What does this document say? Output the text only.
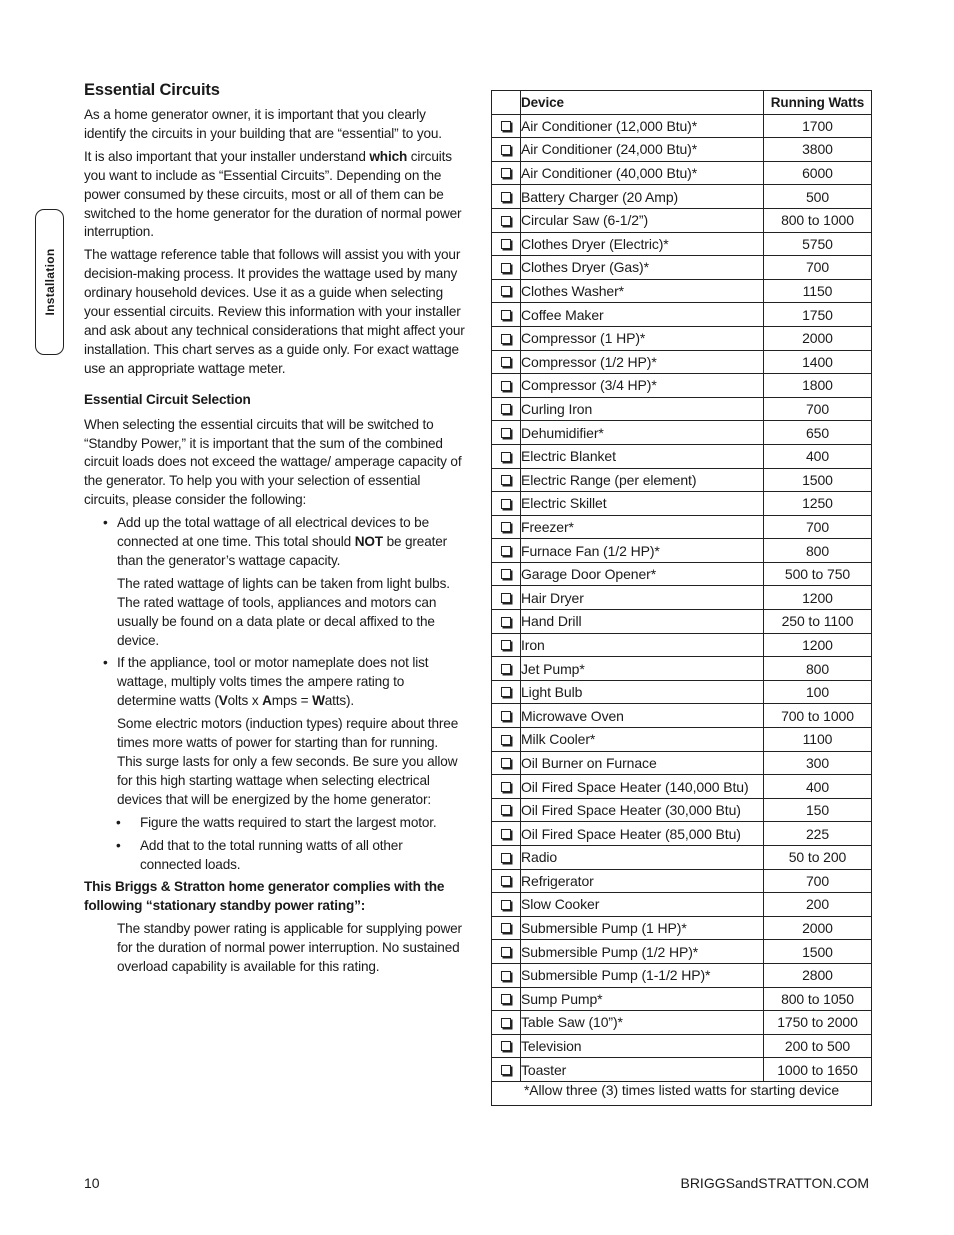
Installation
Essential Circuits

As a home generator owner, it is important that you clearly identify the circuits in your building that are “essential” to you.

It is also important that your installer understand which circuits you want to include as “Essential Circuits”. Depending on the power consumed by these circuits, most or all of them can be switched to the home generator for the duration of normal power interruption.

The wattage reference table that follows will assist you with your decision-making process. It provides the wattage used by many ordinary household devices. Use it as a guide when selecting your essential circuits. Review this information with your installer and ask about any technical considerations that might affect your installation. This chart serves as a guide only. For exact wattage use an appropriate wattage meter.

Essential Circuit Selection

When selecting the essential circuits that will be switched to “Standby Power,” it is important that the sum of the combined circuit loads does not exceed the wattage/ amperage capacity of the generator. To help you with your selection of essential circuits, please consider the following:

• Add up the total wattage of all electrical devices to be connected at one time. This total should NOT be greater than the generator’s wattage capacity.

The rated wattage of lights can be taken from light bulbs. The rated wattage of tools, appliances and motors can usually be found on a data plate or decal affixed to the device.

• If the appliance, tool or motor nameplate does not list wattage, multiply volts times the ampere rating to determine watts (Volts x Amps = Watts).

Some electric motors (induction types) require about three times more watts of power for starting than for running. This surge lasts for only a few seconds. Be sure you allow for this high starting wattage when selecting electrical devices that will be energized by the home generator:

• Figure the watts required to start the largest motor.
• Add that to the total running watts of all other connected loads.

This Briggs & Stratton home generator complies with the following “stationary standby power rating”:

The standby power rating is applicable for supplying power for the duration of normal power interruption. No sustained overload capability is available for this rating.

	Device	Running Watts
	Air Conditioner (12,000 Btu)*	1700
	Air Conditioner (24,000 Btu)*	3800
	Air Conditioner (40,000 Btu)*	6000
	Battery Charger (20 Amp)	500
	Circular Saw (6-1/2”)	800 to 1000
	Clothes Dryer (Electric)*	5750
	Clothes Dryer (Gas)*	700
	Clothes Washer*	1150
	Coffee Maker	1750
	Compressor (1 HP)*	2000
	Compressor (1/2 HP)*	1400
	Compressor (3/4 HP)*	1800
	Curling Iron	700
	Dehumidifier*	650
	Electric Blanket	400
	Electric Range (per element)	1500
	Electric Skillet	1250
	Freezer*	700
	Furnace Fan (1/2 HP)*	800
	Garage Door Opener*	500 to 750
	Hair Dryer	1200
	Hand Drill	250 to 1100
	Iron	1200
	Jet Pump*	800
	Light Bulb	100
	Microwave Oven	700 to 1000
	Milk Cooler*	1100
	Oil Burner on Furnace	300
	Oil Fired Space Heater (140,000 Btu)	400
	Oil Fired Space Heater (30,000 Btu)	150
	Oil Fired Space Heater (85,000 Btu)	225
	Radio	50 to 200
	Refrigerator	700
	Slow Cooker	200
	Submersible Pump (1 HP)*	2000
	Submersible Pump (1/2 HP)*	1500
	Submersible Pump (1-1/2 HP)*	2800
	Sump Pump*	800 to 1050
	Table Saw (10”)*	1750 to 2000
	Television	200 to 500
	Toaster	1000 to 1650
*Allow three (3) times listed watts for starting device		
10	BRIGGSandSTRATTON.COM
